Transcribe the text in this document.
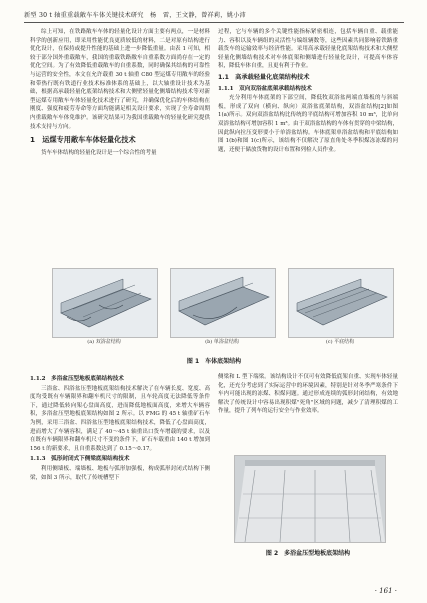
新型 30 t 轴重重载敞车车体关键技术研究　杨　雷，王文静，曾祥莉，姚小沛

综上可知，在铁路敞车车体的轻量化设计方面主要有两点，一是材料科学的创新应用，即采用性能优良更质较低的材料，二是对原有结构进行优化设计，在保持或提升性能的基础上进一步降低重量。由表 1 可知，相较于部分国外重载敞车，我国的重载铁路敞车自重系数方面尚存在一定的优化空间。为了有效降低重载敞车的自重系数，同时确保其结构的可靠性与运营的安全性，本文在允许载重 30 t 轴重 C80 型运煤专用敞车的经验和带热行既有铁道行业技术标准体系的基础上，以大轴重设计技术为基础，根据高承载轻量化底架结构技术和大侧壁轻量化侧墙结构技术等对新型运煤专用敞车车体轻量化技术进行了研究，并确保优化后的车体结构在刚度、强度和疲劳寿命等方面均能满足相关设计要求，实现了全寿命周期内重载敞车车体免维护。该研究结果可为我国重载敞车的轻量化研究提供技术支持与方向。

1　运煤专用敞车车体轻量化技术

货车车体结构的轻量化设计是一个综合性的考量

过程，它与车辆的多个关键性能指标紧密相连，包括车辆自重、载重能力、容积以及车辆组的灵活性与编组辆数等，这些因素共同影响着铁路重载货车的运输效率与经济性能。采用高承载轻量化底架结构技术和大侧壁轻量化侧墙结构技术对车体底架和侧墙进行轻量化设计，可提高车体容积，降低车体自重，且更有利于作业。

1.1　高承载轻量化底架结构技术
1.1.1　双向双浴盆底架承载结构技术

充分利用车体底架的下部空间，降低牧双浴盆两端直墙板的与斜端板，形成了双向（横向、纵向）双浴盆底架结构，双浴盆结构[2]如图 1(a)所示。双向双浴盆结构比传统的平底结构可增加容积 10 m³，比单向双浴盆结构可增加容积 1 m³。由于双浴盆结构的车体有贯穿的中梁结构，因此纵向拉压变形要小于单浴盆结构。车体底架单浴盆结构和平底结构如图 1(b)和图 1(c)所示，该结构不仅解决了原直角处冬季积煤冻冻煤的问题，还便于储放货物的设计布置和列检人员作业。

(a) 双浴盆结构	(b) 单浴盆结构	(c) 平底结构
图 1　车体底架结构
1.1.2　多浴盆压型地板底架结构技术

三浴盆、四浴盆压型地板底架结构技术解决了在车辆长度、宽度、高度均受既有车辆限界和翻车机尺寸的限制，且车轮高度无法降低等条件下，通过降低转向架心盘面高度，进而降低地板面高度，来增大车辆容积，多浴盆压型地板底架结构如图 2 所示。以 FMG 的 45 t 轴重矿石车为例，采用三浴盆、四浴盆压型地板底架结构技术，降低了心盘面高度，进而增大了车辆容积，满足了 40～45 t 轴重出口货车增载的要求，以及在既有车辆限界和翻车机尺寸不变的条件下，矿石车载重由 140 t 增加到 156 t 的新要求，且自重系数达到了 0.15～0.17。

1.1.3　弧形封闭式下侧梁底架结构技术

利用侧墙板、端墙板、地板与弧形加强板，构成弧形封闭式结构下侧梁，如图 3 所示，取代了传统槽型下

侧梁和 L 型下端梁。该结构设计不仅可有效降低底架自重、实现车体轻量化，还充分考虑到了实际运营中的环境因素，特别是针对冬季严寒条件下车内可能出现的冻煤、积煤问题。通过形成连续的弧形封闭结构，有效地解决了传统设计中容易出现积煤"死角"区域的问题，减少了清理积煤的工作量，提升了列车的运行安全与作业效率。

图 2　多浴盆压型地板底架结构
· 161 ·
